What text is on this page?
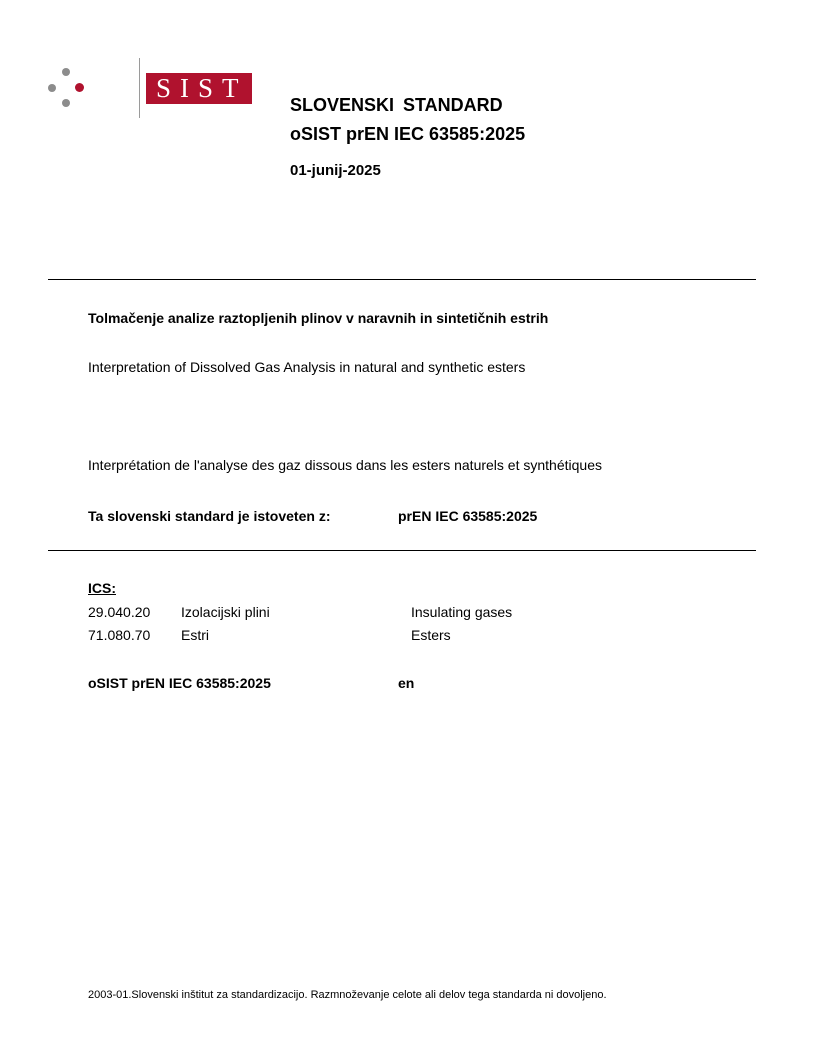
SIST
SLOVENSKI STANDARD
oSIST prEN IEC 63585:2025
01-junij-2025
Tolmačenje analize raztopljenih plinov v naravnih in sintetičnih estrih
Interpretation of Dissolved Gas Analysis in natural and synthetic esters
Interprétation de l'analyse des gaz dissous dans les esters naturels et synthétiques
Ta slovenski standard je istoveten z:	prEN IEC 63585:2025
ICS:
29.040.20 Izolacijski plini	Insulating gases
71.080.70 Estri	Esters
oSIST prEN IEC 63585:2025	en
2003-01.Slovenski inštitut za standardizacijo. Razmnoževanje celote ali delov tega standarda ni dovoljeno.
